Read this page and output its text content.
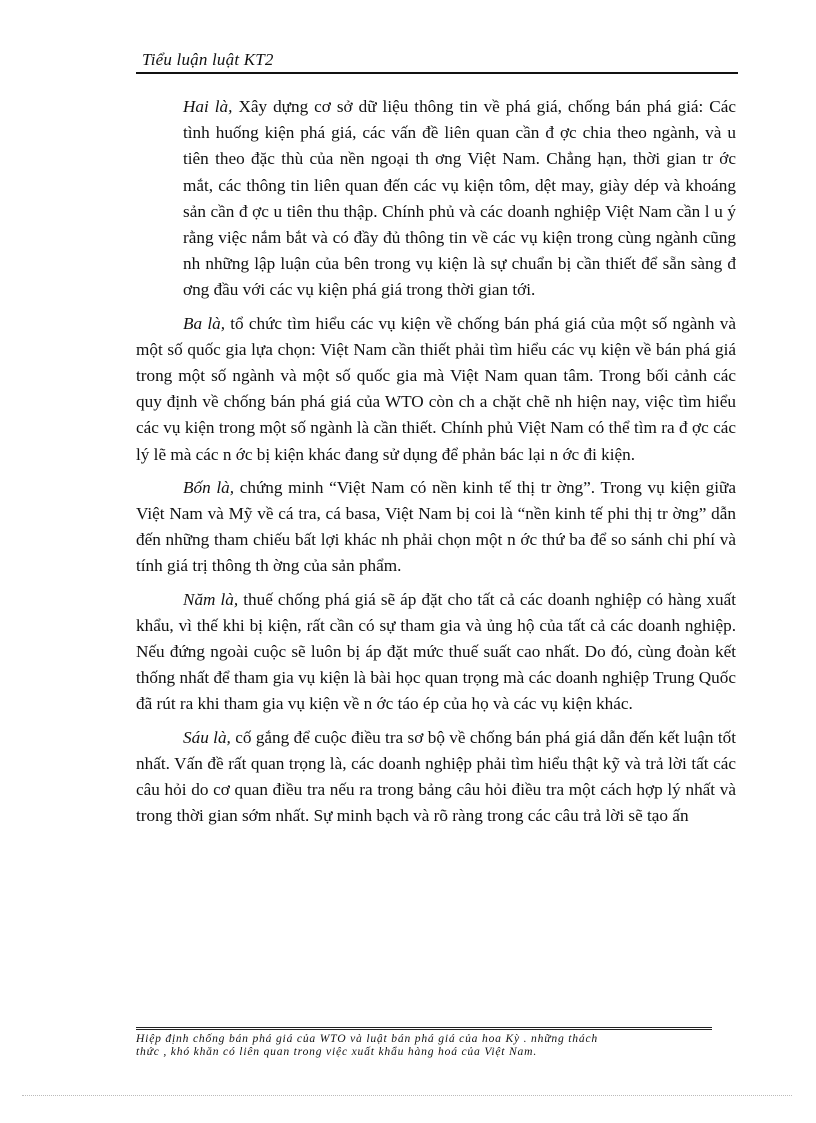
Tiểu luận luật KT2

Hai là, Xây dựng cơ sở dữ liệu thông tin về phá giá, chống bán phá giá: Các tình huống kiện phá giá, các vấn đề liên quan cần đ ợc chia theo ngành, và u tiên theo đặc thù của nền ngoại th ơng Việt Nam. Chẳng hạn, thời gian tr ớc mắt, các thông tin liên quan đến các vụ kiện tôm, dệt may, giày dép và khoáng sản cần đ ợc u tiên thu thập. Chính phủ và các doanh nghiệp Việt Nam cần l u ý rằng việc nắm bắt và có đầy đủ thông tin về các vụ kiện trong cùng ngành cũng nh những lập luận của bên trong vụ kiện là sự chuẩn bị cần thiết để sẵn sàng đ ơng đầu với các vụ kiện phá giá trong thời gian tới.

Ba là, tổ chức tìm hiểu các vụ kiện về chống bán phá giá của một số ngành và một số quốc gia lựa chọn: Việt Nam cần thiết phải tìm hiểu các vụ kiện về bán phá giá trong một số ngành và một số quốc gia mà Việt Nam quan tâm. Trong bối cảnh các quy định về chống bán phá giá của WTO còn ch a chặt chẽ nh hiện nay, việc tìm hiểu các vụ kiện trong một số ngành là cần thiết. Chính phủ Việt Nam có thể tìm ra đ ợc các lý lẽ mà các n ớc bị kiện khác đang sử dụng để phản bác lại n ớc đi kiện.

Bốn là, chứng minh “Việt Nam có nền kinh tế thị tr ờng”. Trong vụ kiện giữa Việt Nam và Mỹ về cá tra, cá basa, Việt Nam bị coi là “nền kinh tế phi thị tr ờng” dẫn đến những tham chiếu bất lợi khác nh phải chọn một n ớc thứ ba để so sánh chi phí và tính giá trị thông th ờng của sản phẩm.

Năm là, thuế chống phá giá sẽ áp đặt cho tất cả các doanh nghiệp có hàng xuất khẩu, vì thế khi bị kiện, rất cần có sự tham gia và ủng hộ của tất cả các doanh nghiệp. Nếu đứng ngoài cuộc sẽ luôn bị áp đặt mức thuế suất cao nhất. Do đó, cùng đoàn kết thống nhất để tham gia vụ kiện là bài học quan trọng mà các doanh nghiệp Trung Quốc đã rút ra khi tham gia vụ kiện về n ớc táo ép của họ và các vụ kiện khác.

Sáu là, cố gắng để cuộc điều tra sơ bộ về chống bán phá giá dẫn đến kết luận tốt nhất. Vấn đề rất quan trọng là, các doanh nghiệp phải tìm hiểu thật kỹ và trả lời tất các câu hỏi do cơ quan điều tra nếu ra trong bảng câu hỏi điều tra một cách hợp lý nhất và trong thời gian sớm nhất. Sự minh bạch và rõ ràng trong các câu trả lời sẽ tạo ấn

Hiệp định chống bán phá giá của WTO và luật bán phá giá của hoa Kỳ . những thách
thức , khó khăn có liên quan trong việc xuất khẩu hàng hoá của Việt Nam.
